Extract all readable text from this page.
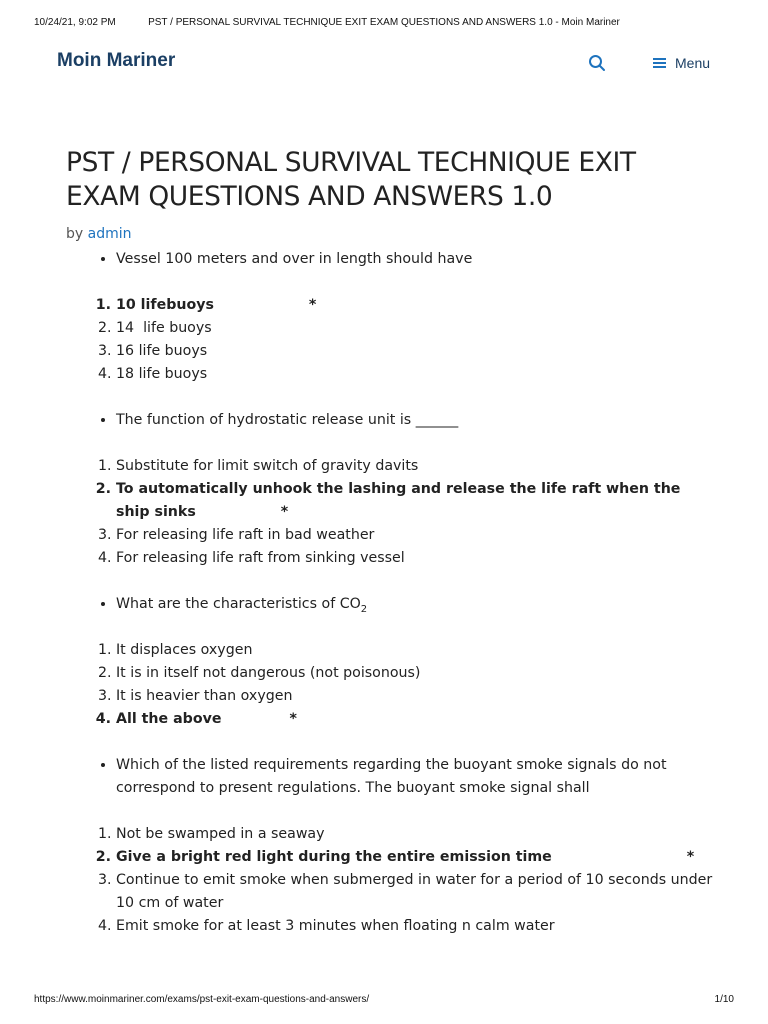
10/24/21, 9:02 PM	PST / PERSONAL SURVIVAL TECHNIQUE EXIT EXAM QUESTIONS AND ANSWERS 1.0 - Moin Mariner
Moin Mariner	Menu
PST / PERSONAL SURVIVAL TECHNIQUE EXIT EXAM QUESTIONS AND ANSWERS 1.0
by admin
• Vessel 100 meters and over in length should have
1. 10 lifebuoys	*
2. 14  life buoys
3. 16 life buoys
4. 18 life buoys
• The function of hydrostatic release unit is ______
1. Substitute for limit switch of gravity davits
2. To automatically unhook the lashing and release the life raft when the ship sinks	*
3. For releasing life raft in bad weather
4. For releasing life raft from sinking vessel
• What are the characteristics of $CO_2$
1. It displaces oxygen
2. It is in itself not dangerous (not poisonous)
3. It is heavier than oxygen
4. All the above	*
• Which of the listed requirements regarding the buoyant smoke signals do not correspond to present regulations. The buoyant smoke signal shall
1. Not be swamped in a seaway
2. Give a bright red light during the entire emission time	*
3. Continue to emit smoke when submerged in water for a period of 10 seconds under 10 cm of water
4. Emit smoke for at least 3 minutes when floating n calm water
https://www.moinmariner.com/exams/pst-exit-exam-questions-and-answers/	1/10
